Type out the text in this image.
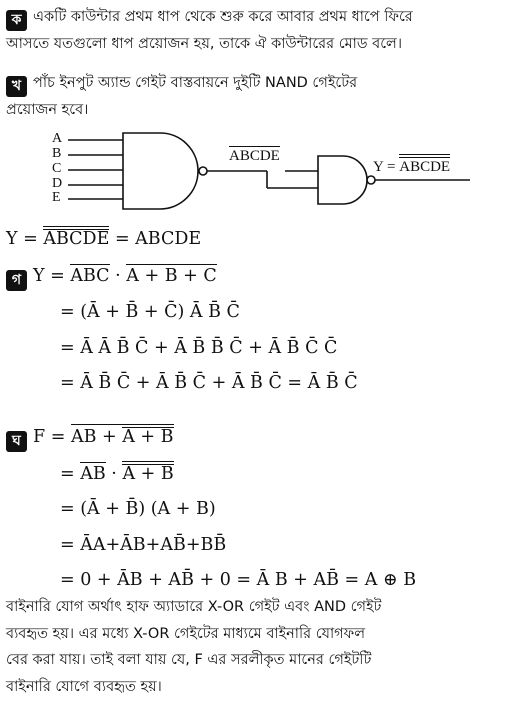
ক একটি কাউন্টার প্রথম ধাপ থেকে শুরু করে আবার প্রথম ধাপে ফিরে
আসতে যতগুলো ধাপ প্রয়োজন হয়, তাকে ঐ কাউন্টারের মোড বলে।
খ পাঁচ ইনপুট অ্যান্ড গেইট বাস্তবায়নে দুইটি NAND গেইটের
প্রয়োজন হবে।
A
B
C
D
E
ABCDE
Y = ABCDE
Y = ABCDE = ABCDE
গ Y = ABC · A + B + C
= (Ā + B̄ + C̄) Ā B̄ C̄
= Ā Ā B̄ C̄ + Ā B̄ B̄ C̄ + Ā B̄ C̄ C̄
= Ā B̄ C̄ + Ā B̄ C̄ + Ā B̄ C̄ = Ā B̄ C̄
ঘ F = AB + A + B
= AB · A + B
= (Ā + B̄) (A + B)
= ĀA+ĀB+AB̄+BB̄
= 0 + ĀB + AB̄ + 0 = Ā B + AB̄ = A ⊕ B
বাইনারি যোগ অর্থাৎ হাফ অ্যাডারে X-OR গেইট এবং AND গেইট
ব্যবহৃত হয়। এর মধ্যে X-OR গেইটের মাধ্যমে বাইনারি যোগফল
বের করা যায়। তাই বলা যায় যে, F এর সরলীকৃত মানের গেইটটি
বাইনারি যোগে ব্যবহৃত হয়।
